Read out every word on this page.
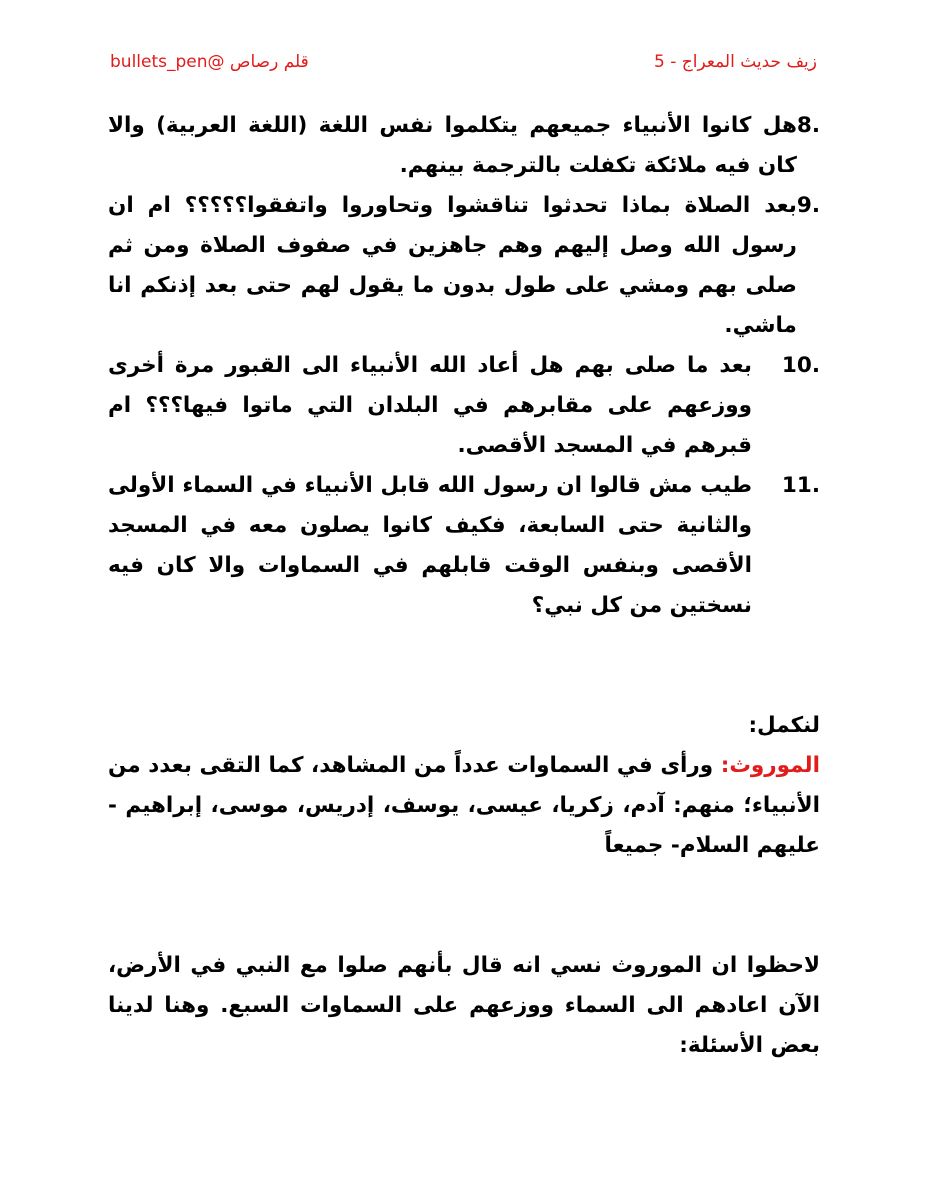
زيف حديث المعراج - 5
قلم رصاص @bullets_pen
8.
هل كانوا الأنبياء جميعهم يتكلموا نفس اللغة (اللغة العربية) والا كان فيه ملائكة تكفلت بالترجمة بينهم.
9.
بعد الصلاة بماذا تحدثوا تناقشوا وتحاوروا واتفقوا؟؟؟؟؟ ام ان رسول الله وصل إليهم وهم جاهزين في صفوف الصلاة ومن ثم صلى بهم ومشي على طول بدون ما يقول لهم حتى بعد إذنكم انا ماشي.
10.
بعد ما صلى بهم هل أعاد الله الأنبياء الى القبور مرة أخرى ووزعهم على مقابرهم في البلدان التي ماتوا فيها؟؟؟ ام قبرهم في المسجد الأقصى.
11.
طيب مش قالوا ان رسول الله قابل الأنبياء في السماء الأولى والثانية حتى السابعة، فكيف كانوا يصلون معه في المسجد الأقصى وبنفس الوقت قابلهم في السماوات والا كان فيه نسختين من كل نبي؟
لنكمل:
الموروث: ورأى في السماوات عدداً من المشاهد، كما التقى بعدد من الأنبياء؛ منهم: آدم، زكريا، عيسى، يوسف، إدريس، موسى، إبراهيم - عليهم السلام- جميعاً
لاحظوا ان الموروث نسي انه قال بأنهم صلوا مع النبي في الأرض، الآن اعادهم الى السماء ووزعهم على السماوات السبع. وهنا لدينا بعض الأسئلة:
